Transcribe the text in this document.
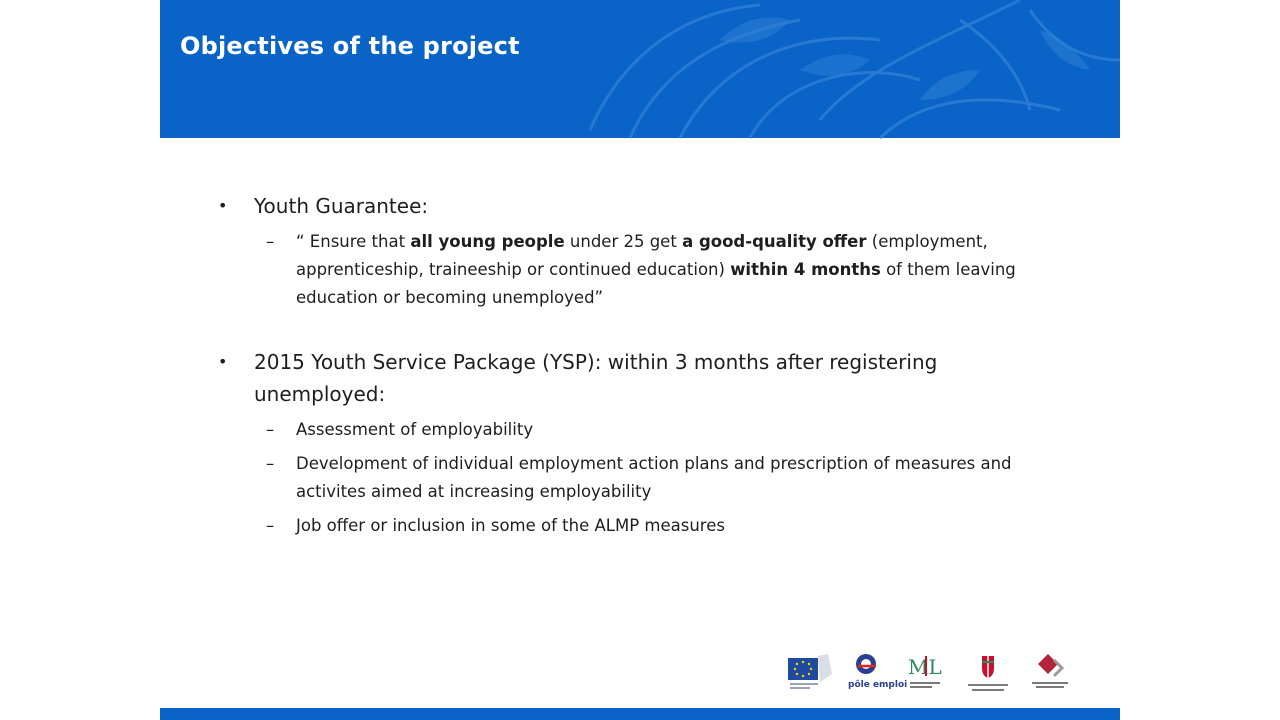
Objectives of the project
• Youth Guarantee:
– “ Ensure that all young people under 25 get a good-quality offer (employment, apprenticeship, traineeship or continued education) within 4 months of them leaving education or becoming unemployed”
• 2015 Youth Service Package (YSP): within 3 months after registering unemployed:
– Assessment of employability
– Development of individual employment action plans and prescription of measures and activites aimed at increasing employability
– Job offer or inclusion in some of the ALMP measures
pôle emploi
ML
